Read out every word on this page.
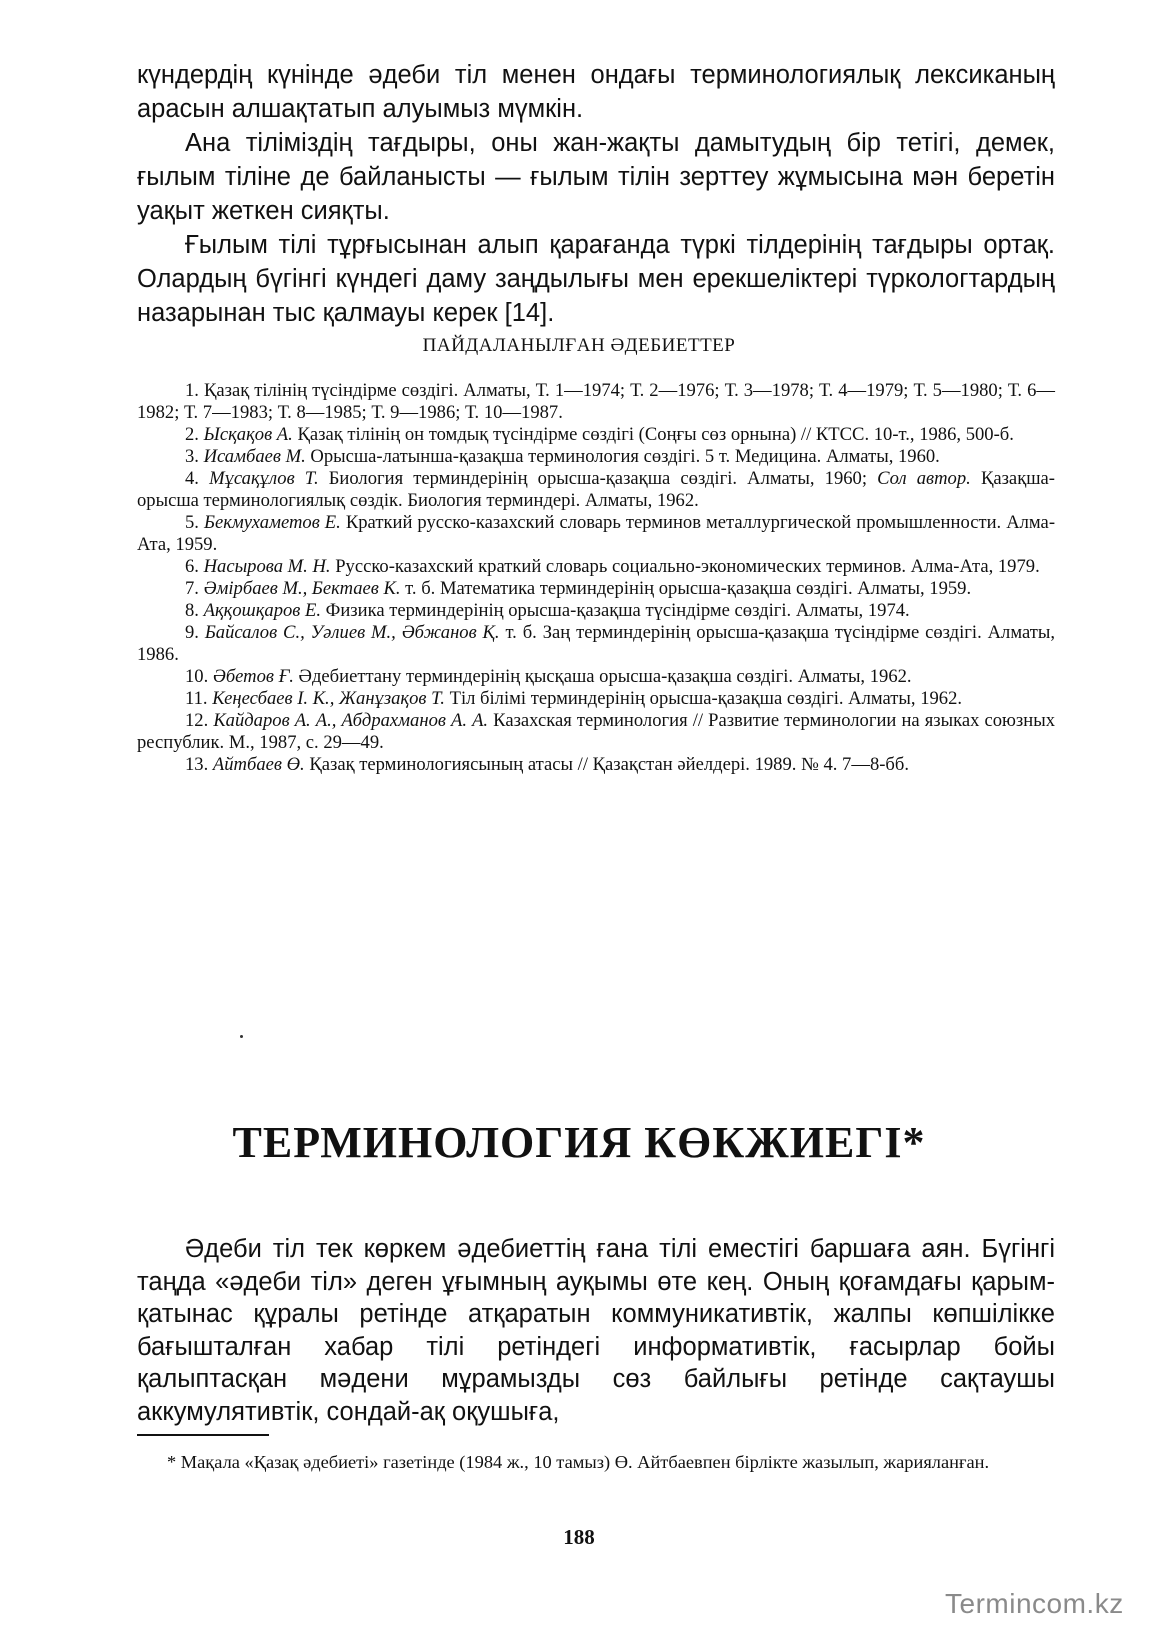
күндердің күнінде әдеби тіл менен ондағы терминологиялық лексиканың арасын алшақтатып алуымыз мүмкін.

Ана тіліміздің тағдыры, оны жан-жақты дамытудың бір тетігі, демек, ғылым тіліне де байланысты — ғылым тілін зерттеу жұмысына мән беретін уақыт жеткен сияқты.

Ғылым тілі тұрғысынан алып қарағанда түркі тілдерінің тағдыры ортақ. Олардың бүгінгі күндегі даму заңдылығы мен ерекшеліктері түркологтардың назарынан тыс қалмауы керек [14].

ПАЙДАЛАНЫЛҒАН ӘДЕБИЕТТЕР

1. Қазақ тілінің түсіндірме сөздігі. Алматы, Т. 1—1974; Т. 2—1976; Т. 3—1978; Т. 4—1979; Т. 5—1980; Т. 6—1982; Т. 7—1983; Т. 8—1985; Т. 9—1986; Т. 10—1987.

2. Ысқақов А. Қазақ тілінің он томдық түсіндірме сөздігі (Соңғы сөз орнына) // КТСС. 10-т., 1986, 500-б.

3. Исамбаев М. Орысша-латынша-қазақша терминология сөздігі. 5 т. Медицина. Алматы, 1960.

4. Мұсақұлов Т. Биология терминдерінің орысша-қазақша сөздігі. Алматы, 1960; Сол автор. Қазақша-орысша терминологиялық сөздік. Биология терминдері. Алматы, 1962.

5. Бекмухаметов Е. Краткий русско-казахский словарь терминов металлургической промышленности. Алма-Ата, 1959.

6. Насырова М. Н. Русско-казахский краткий словарь социально-экономических терминов. Алма-Ата, 1979.

7. Әмірбаев М., Бектаев К. т. б. Математика терминдерінің орысша-қазақша сөздігі. Алматы, 1959.

8. Аққошқаров Е. Физика терминдерінің орысша-қазақша түсіндірме сөздігі. Алматы, 1974.

9. Байсалов С., Уәлиев М., Әбжанов Қ. т. б. Заң терминдерінің орысша-қазақша түсіндірме сөздігі. Алматы, 1986.

10. Әбетов Ғ. Әдебиеттану терминдерінің қысқаша орысша-қазақша сөздігі. Алматы, 1962.

11. Кеңесбаев І. К., Жанұзақов Т. Тіл білімі терминдерінің орысша-қазақша сөздігі. Алматы, 1962.

12. Кайдаров А. А., Абдрахманов А. А. Казахская терминология // Развитие терминологии на языках союзных республик. М., 1987, с. 29—49.

13. Айтбаев Ө. Қазақ терминологиясының атасы // Қазақстан әйелдері. 1989. № 4. 7—8-бб.

ТЕРМИНОЛОГИЯ КӨКЖИЕГІ*

Әдеби тіл тек көркем әдебиеттің ғана тілі еместігі баршаға аян. Бүгінгі таңда «әдеби тіл» деген ұғымның ауқымы өте кең. Оның қоғамдағы қарым-қатынас құралы ретінде атқаратын коммуникативтік, жалпы көпшілікке бағышталған хабар тілі ретіндегі информативтік, ғасырлар бойы қалыптасқан мәдени мұрамызды сөз байлығы ретінде сақтаушы аккумулятивтік, сондай-ақ оқушыға,

* Мақала «Қазақ әдебиеті» газетінде (1984 ж., 10 тамыз) Ө. Айтбаевпен бірлікте жазылып, жарияланған.

188
Termincom.kz
